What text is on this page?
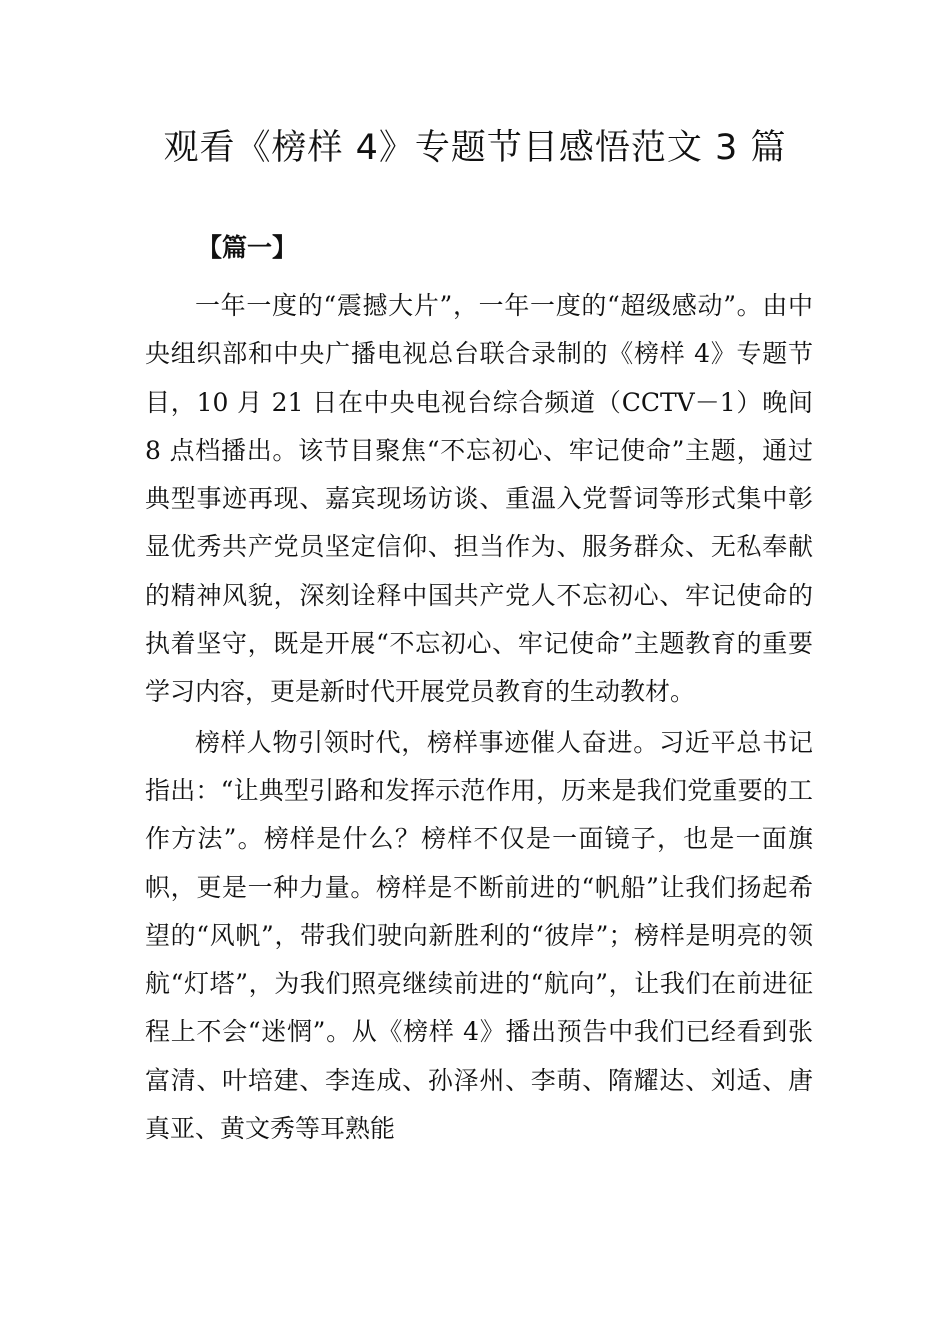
观看《榜样 4》专题节目感悟范文 3 篇
【篇一】

一年一度的“震撼大片”，一年一度的“超级感动”。由中央组织部和中央广播电视总台联合录制的《榜样 4》专题节目，10 月 21 日在中央电视台综合频道（CCTV－1）晚间 8 点档播出。该节目聚焦“不忘初心、牢记使命”主题，通过典型事迹再现、嘉宾现场访谈、重温入党誓词等形式集中彰显优秀共产党员坚定信仰、担当作为、服务群众、无私奉献的精神风貌，深刻诠释中国共产党人不忘初心、牢记使命的执着坚守，既是开展“不忘初心、牢记使命”主题教育的重要学习内容，更是新时代开展党员教育的生动教材。

榜样人物引领时代，榜样事迹催人奋进。习近平总书记指出：“让典型引路和发挥示范作用，历来是我们党重要的工作方法”。榜样是什么？榜样不仅是一面镜子，也是一面旗帜，更是一种力量。榜样是不断前进的“帆船”让我们扬起希望的“风帆”，带我们驶向新胜利的“彼岸”；榜样是明亮的领航“灯塔”，为我们照亮继续前进的“航向”，让我们在前进征程上不会“迷惘”。从《榜样 4》播出预告中我们已经看到张富清、叶培建、李连成、孙泽州、李萌、隋耀达、刘适、唐真亚、黄文秀等耳熟能
